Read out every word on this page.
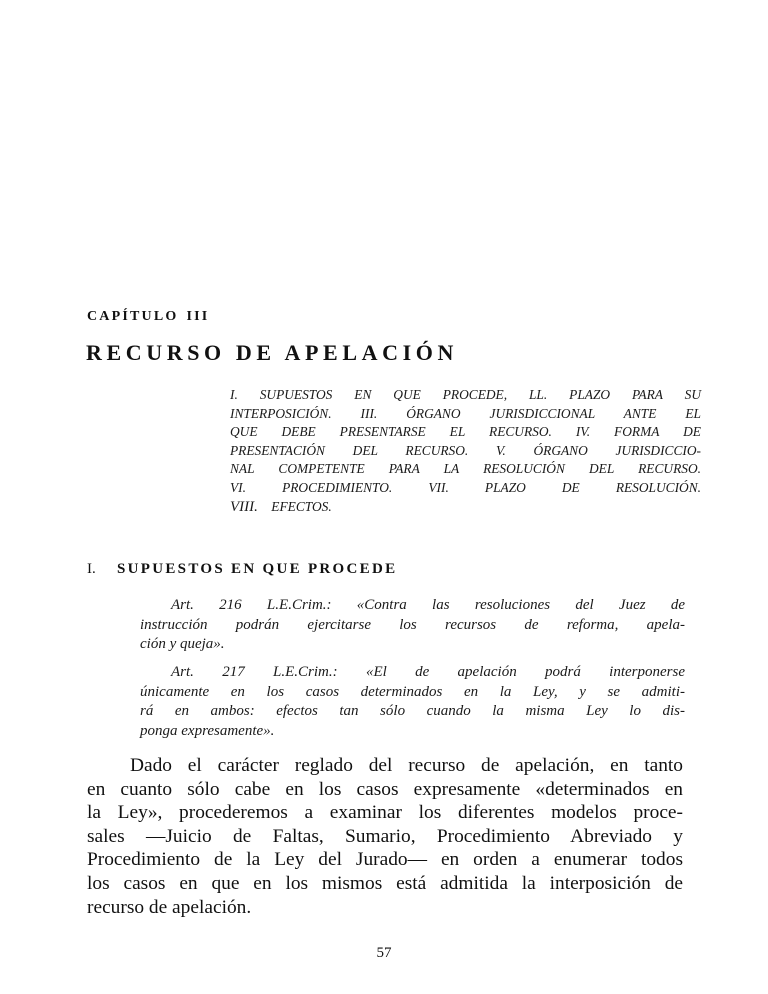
CAPÍTULO III
RECURSO DE APELACIÓN
I. SUPUESTOS EN QUE PROCEDE, LL. PLAZO PARA SU
INTERPOSICIÓN. III. ÓRGANO JURISDICCIONAL ANTE EL
QUE DEBE PRESENTARSE EL RECURSO. IV. FORMA DE
PRESENTACIÓN DEL RECURSO. V. ÓRGANO JURISDICCIO-
NAL COMPETENTE PARA LA RESOLUCIÓN DEL RECURSO.
VI. PROCEDIMIENTO. VII. PLAZO DE RESOLUCIÓN.
VIII. EFECTOS.
I. SUPUESTOS EN QUE PROCEDE
Art. 216 L.E.Crim.: «Contra las resoluciones del Juez de
instrucción podrán ejercitarse los recursos de reforma, apela-
ción y queja».
Art. 217 L.E.Crim.: «El de apelación podrá interponerse
únicamente en los casos determinados en la Ley, y se admiti-
rá en ambos: efectos tan sólo cuando la misma Ley lo dis-
ponga expresamente».
Dado el carácter reglado del recurso de apelación, en tanto
en cuanto sólo cabe en los casos expresamente «determinados en
la Ley», procederemos a examinar los diferentes modelos proce-
sales —Juicio de Faltas, Sumario, Procedimiento Abreviado y
Procedimiento de la Ley del Jurado— en orden a enumerar todos
los casos en que en los mismos está admitida la interposición de
recurso de apelación.
57
